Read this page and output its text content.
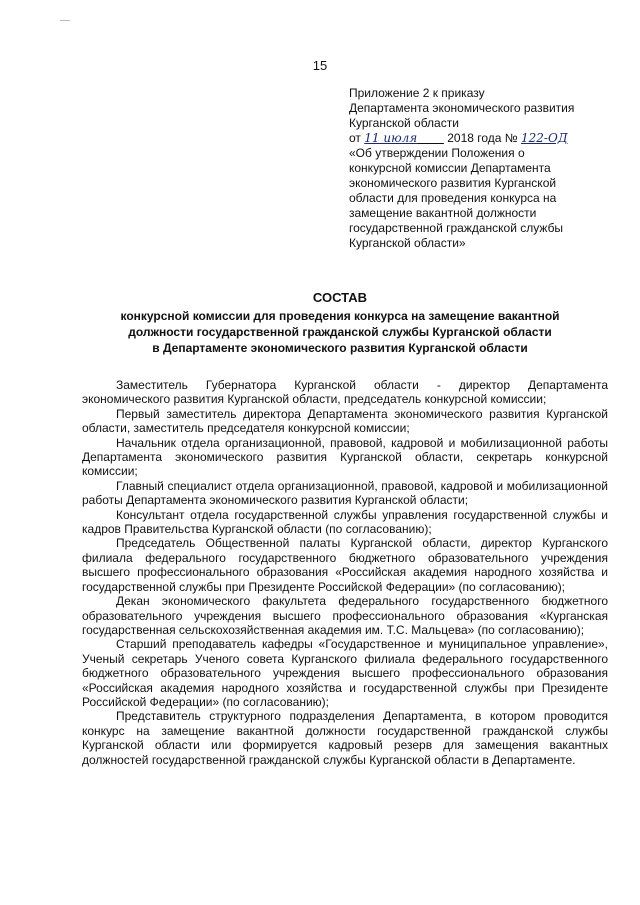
15
Приложение 2 к приказу
Департамента экономического развития
Курганской области
от 11 июля	2018 года № 122-ОД
«Об утверждении Положения о
конкурсной комиссии Департамента
экономического развития Курганской
области для проведения конкурса на
замещение вакантной должности
государственной гражданской службы
Курганской области»
СОСТАВ
конкурсной комиссии для проведения конкурса на замещение вакантной
должности государственной гражданской службы Курганской области
в Департаменте экономического развития Курганской области

Заместитель Губернатора Курганской области - директор Департамента экономического развития Курганской области, председатель конкурсной комиссии;

Первый заместитель директора Департамента экономического развития Курганской области, заместитель председателя конкурсной комиссии;

Начальник отдела организационной, правовой, кадровой и мобилизационной работы Департамента экономического развития Курганской области, секретарь конкурсной комиссии;

Главный специалист отдела организационной, правовой, кадровой и мобилизационной работы Департамента экономического развития Курганской области;

Консультант отдела государственной службы управления государственной службы и кадров Правительства Курганской области (по согласованию);

Председатель Общественной палаты Курганской области, директор Курганского филиала федерального государственного бюджетного образовательного учреждения высшего профессионального образования «Российская академия народного хозяйства и государственной службы при Президенте Российской Федерации» (по согласованию);

Декан экономического факультета федерального государственного бюджетного образовательного учреждения высшего профессионального образования «Курганская государственная сельскохозяйственная академия им. Т.С. Мальцева» (по согласованию);

Старший преподаватель кафедры «Государственное и муниципальное управление», Ученый секретарь Ученого совета Курганского филиала федерального государственного бюджетного образовательного учреждения высшего профессионального образования «Российская академия народного хозяйства и государственной службы при Президенте Российской Федерации» (по согласованию);

Представитель структурного подразделения Департамента, в котором проводится конкурс на замещение вакантной должности государственной гражданской службы Курганской области или формируется кадровый резерв для замещения вакантных должностей государственной гражданской службы Курганской области в Департаменте.
